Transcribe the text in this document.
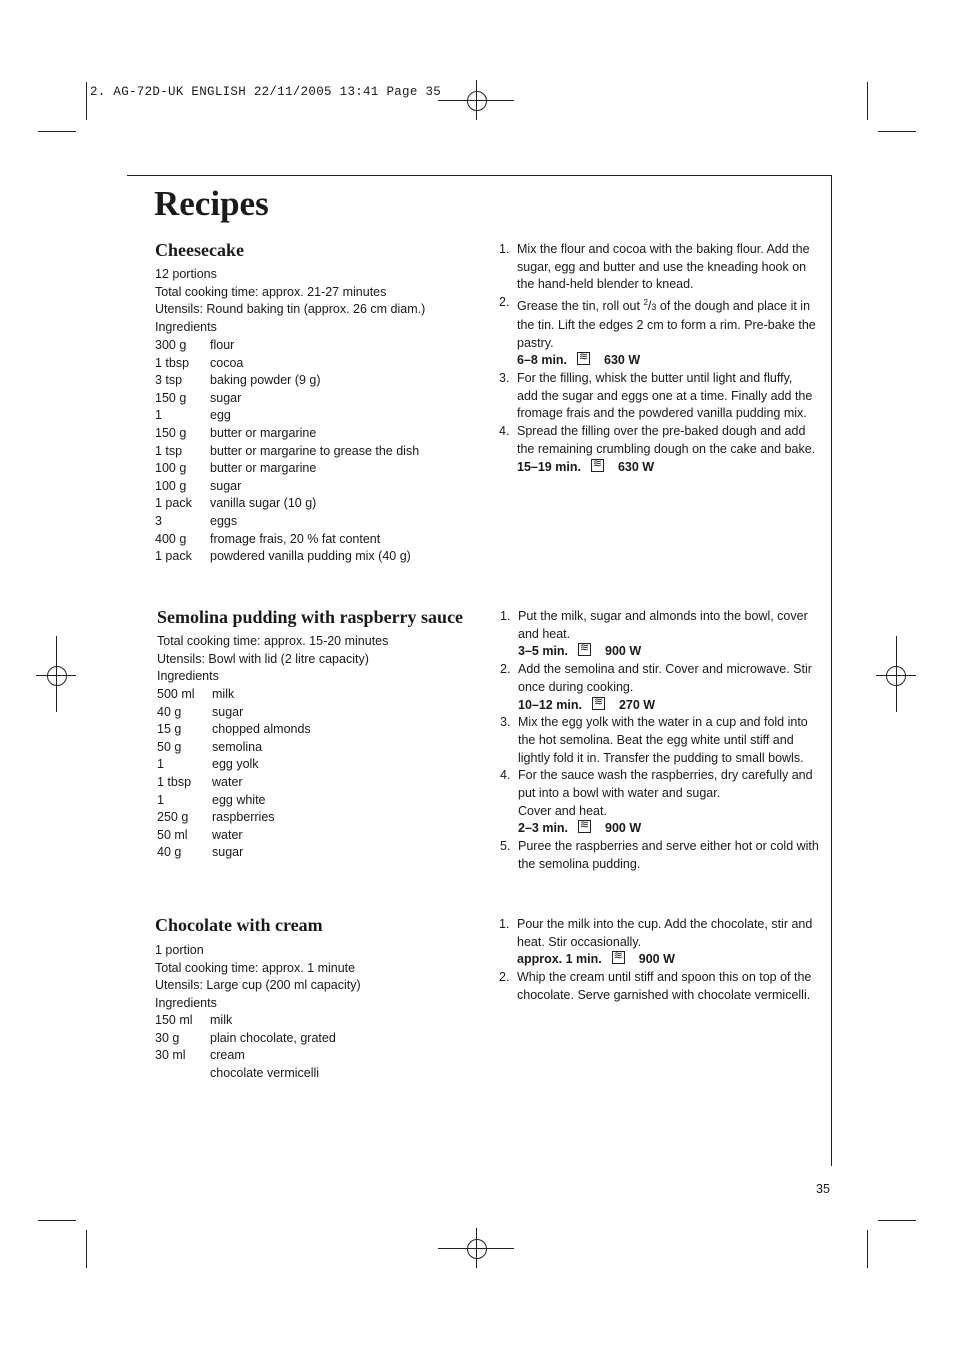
2. AG-72D-UK ENGLISH 22/11/2005 13:41 Page 35
Recipes
Cheesecake
12 portions
Total cooking time: approx. 21-27 minutes
Utensils: Round baking tin (approx. 26 cm diam.)
Ingredients
300 g	flour
1 tbsp	cocoa
3 tsp	baking powder (9 g)
150 g	sugar
1	egg
150 g	butter or margarine
1 tsp	butter or margarine to grease the dish
100 g	butter or margarine
100 g	sugar
1 pack	vanilla sugar (10 g)
3	eggs
400 g	fromage frais, 20 % fat content
1 pack	powdered vanilla pudding mix (40 g)
1. Mix the flour and cocoa with the baking flour. Add the
sugar, egg and butter and use the kneading hook on
the hand-held blender to knead.
2. Grease the tin, roll out $^2$/3 of the dough and place it in
the tin. Lift the edges 2 cm to form a rim. Pre-bake the
pastry.
6–8 min. ≋	630 W
3. For the filling, whisk the butter until light and fluffy,
add the sugar and eggs one at a time. Finally add the
fromage frais and the powdered vanilla pudding mix.
4. Spread the filling over the pre-baked dough and add
the remaining crumbling dough on the cake and bake.
15–19 min. ≋	630 W
Semolina pudding with raspberry sauce
Total cooking time: approx. 15-20 minutes
Utensils: Bowl with lid (2 litre capacity)
Ingredients
500 ml	milk
40 g	sugar
15 g	chopped almonds
50 g	semolina
1	egg yolk
1 tbsp	water
1	egg white
250 g	raspberries
50 ml	water
40 g	sugar
1. Put the milk, sugar and almonds into the bowl, cover
and heat.
3–5 min. ≋	900 W
2. Add the semolina and stir. Cover and microwave. Stir
once during cooking.
10–12 min. ≋	270 W
3. Mix the egg yolk with the water in a cup and fold into
the hot semolina. Beat the egg white until stiff and
lightly fold it in. Transfer the pudding to small bowls.
4. For the sauce wash the raspberries, dry carefully and
put into a bowl with water and sugar.
Cover and heat.
2–3 min. ≋	900 W
5. Puree the raspberries and serve either hot or cold with
the semolina pudding.
Chocolate with cream
1 portion
Total cooking time: approx. 1 minute
Utensils: Large cup (200 ml capacity)
Ingredients
150 ml	milk
30 g	plain chocolate, grated
30 ml	cream
	chocolate vermicelli
1. Pour the milk into the cup. Add the chocolate, stir and
heat. Stir occasionally.
approx. 1 min. ≋	900 W
2. Whip the cream until stiff and spoon this on top of the
chocolate. Serve garnished with chocolate vermicelli.
35
